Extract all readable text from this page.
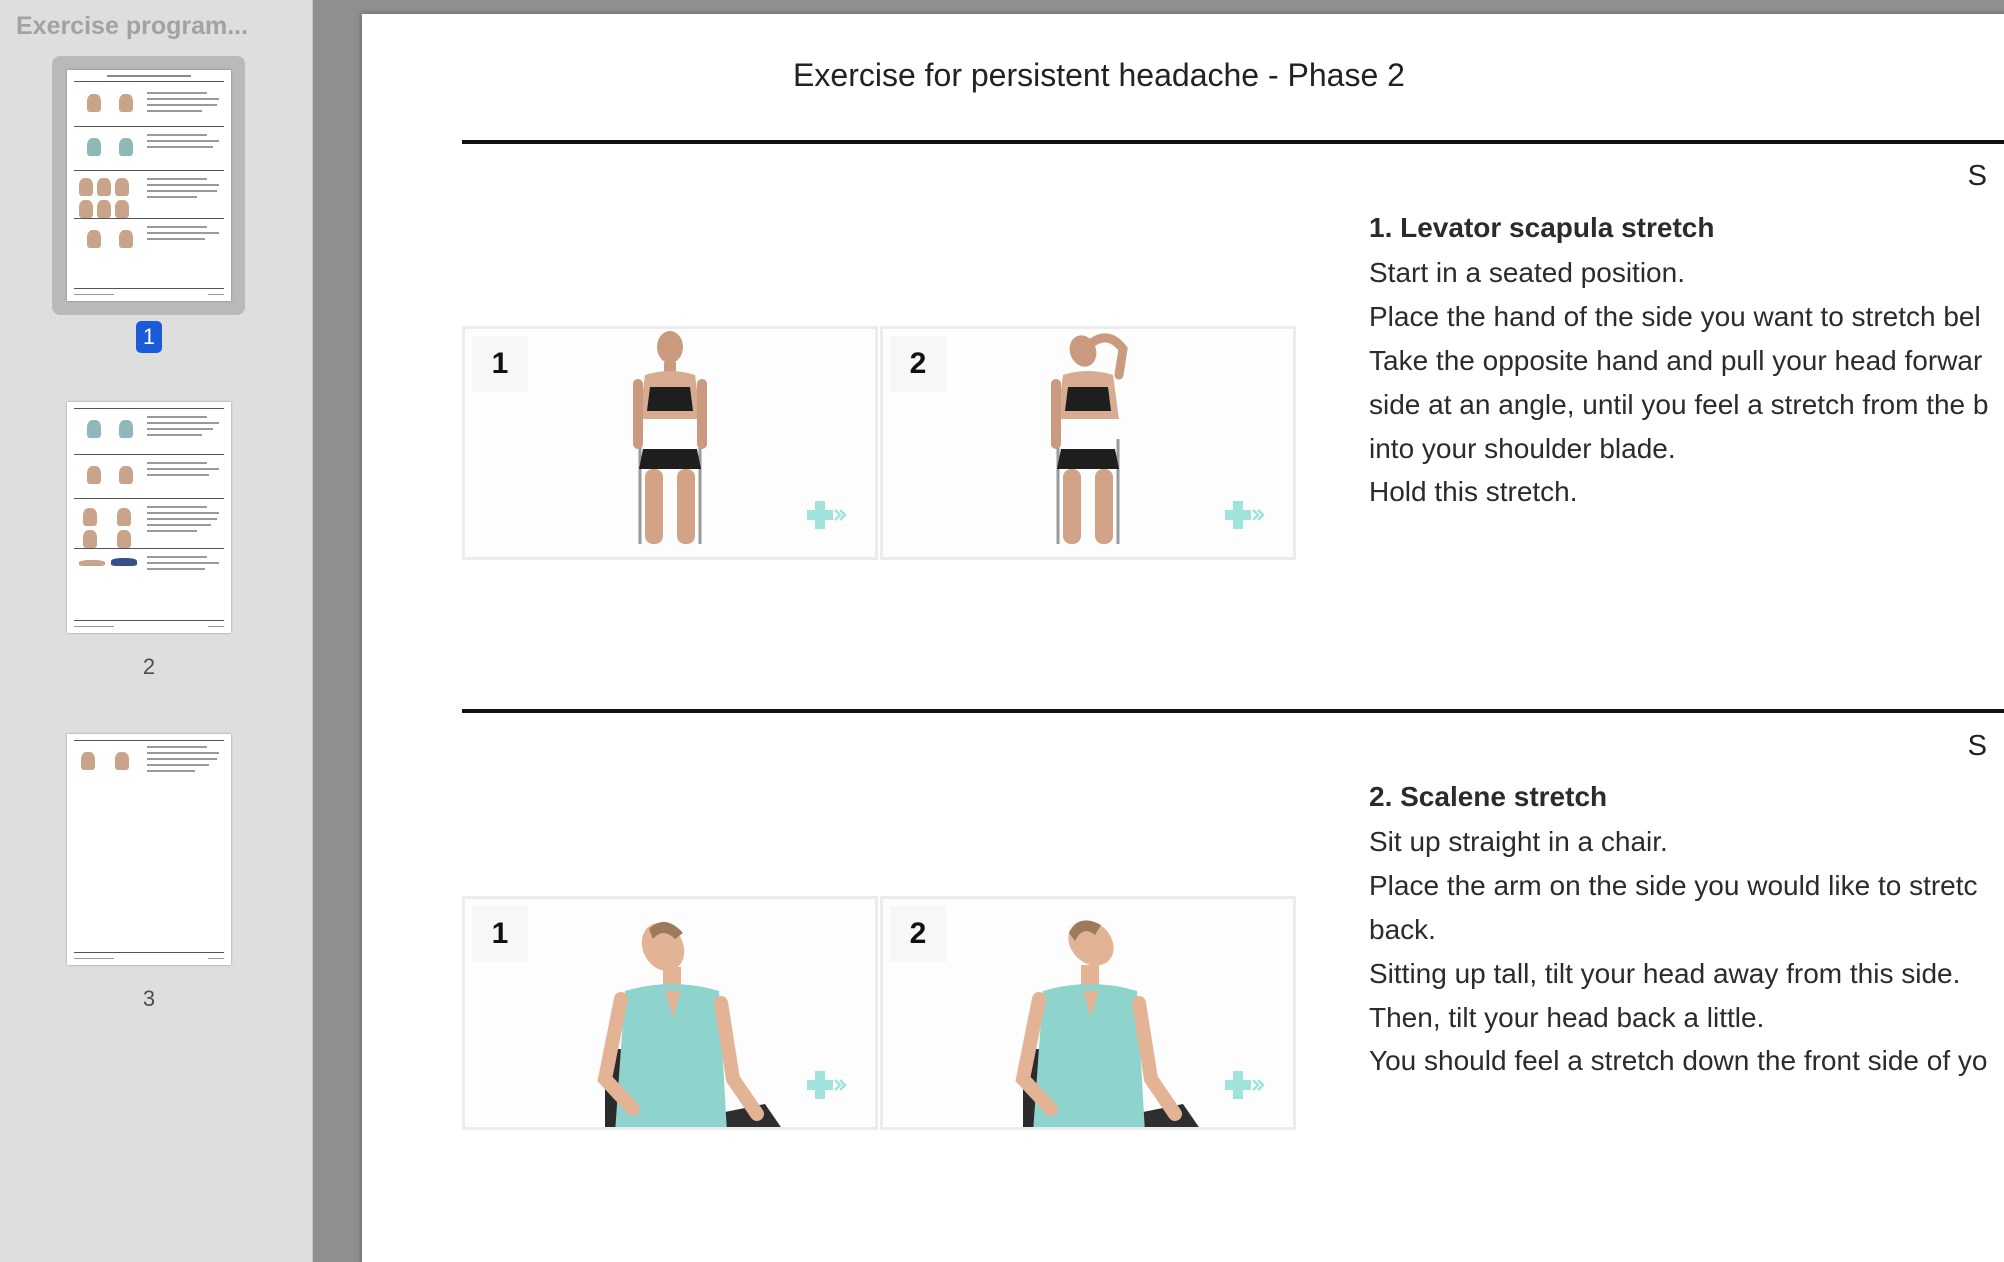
Exercise program...
1
2
3
Exercise for persistent headache - Phase 2
S
1. Levator scapula stretch
Start in a seated position.
Place the hand of the side you want to stretch bel
Take the opposite hand and pull your head forwar
side at an angle, until you feel a stretch from the b
into your shoulder blade.
Hold this stretch.
1	2
S
2. Scalene stretch
Sit up straight in a chair.
Place the arm on the side you would like to stretc
back.
Sitting up tall, tilt your head away from this side.
Then, tilt your head back a little.
You should feel a stretch down the front side of yo
1	2
